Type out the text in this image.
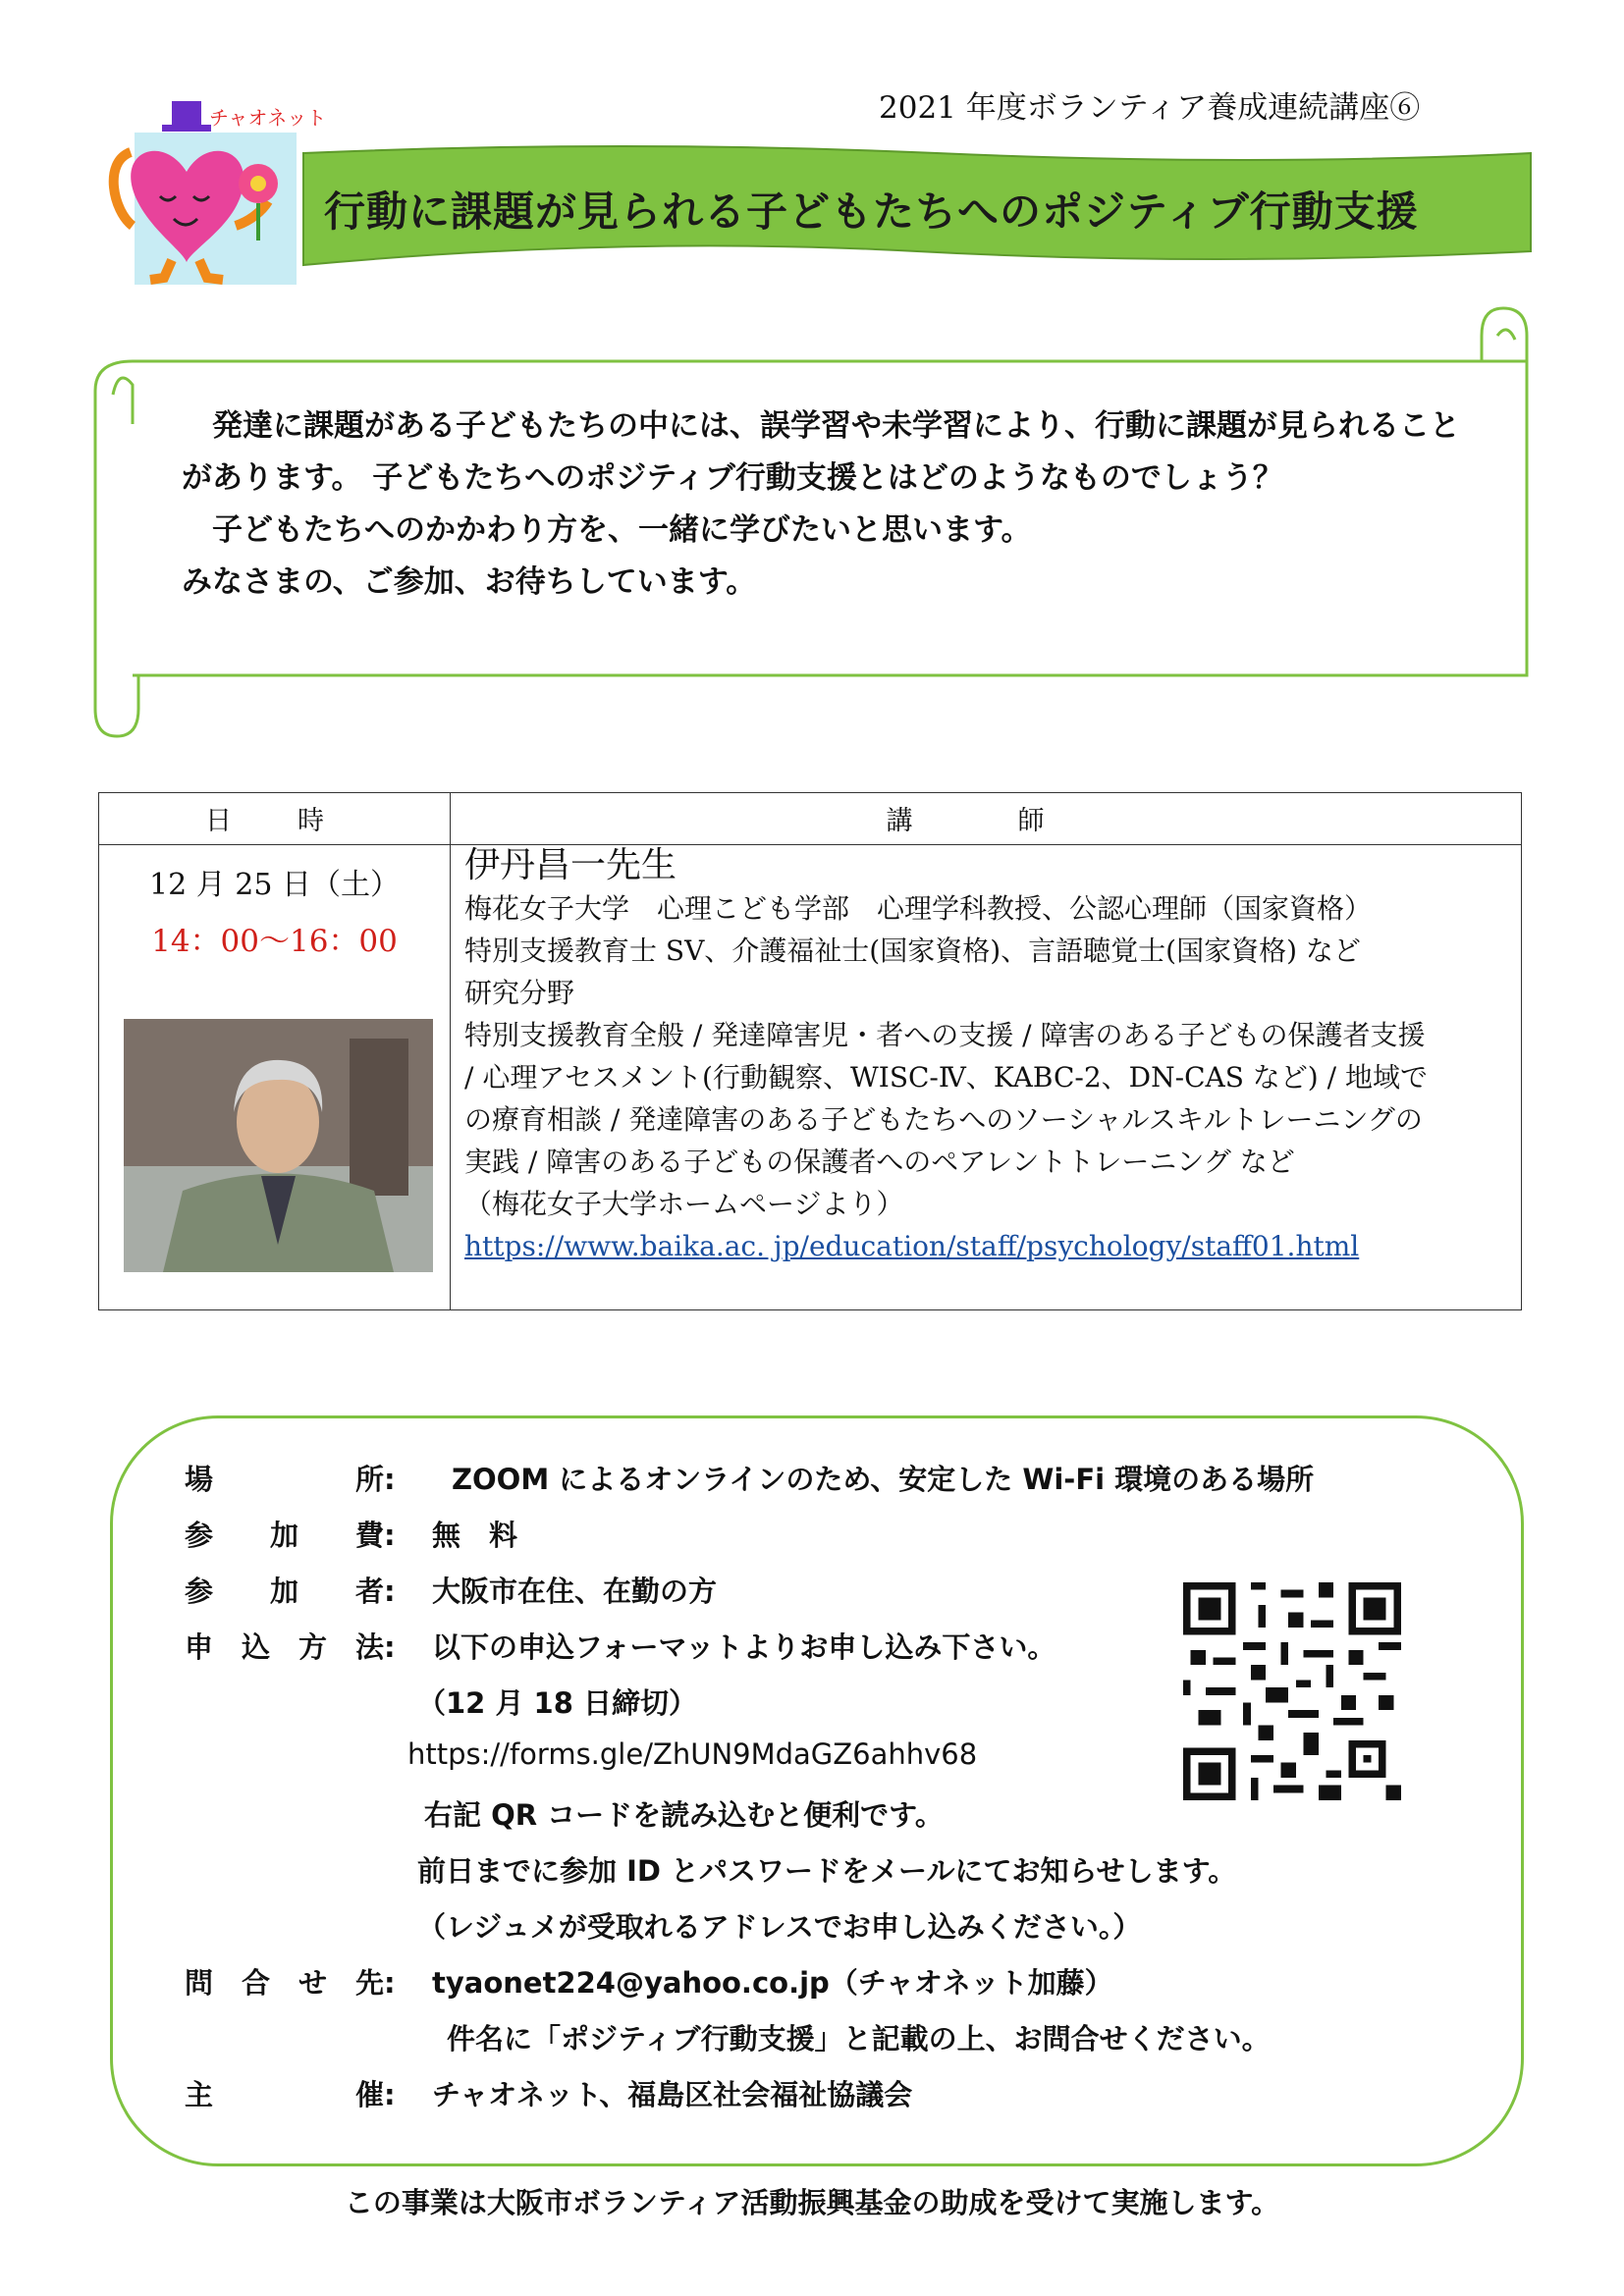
チャオネット	2021 年度ボランティア養成連続講座⑥
行動に課題が見られる子どもたちへのポジティブ行動支援

　発達に課題がある子どもたちの中には、誤学習や未学習により、行動に課題が見られること

があります。 子どもたちへのポジティブ行動支援とはどのようなものでしょう？

　子どもたちへのかかわり方を、一緒に学びたいと思います。

みなさまの、ご参加、お待ちしています。

日　時	講　師
12 月 25 日（土）
14：00～16：00
伊丹昌一先生
梅花女子大学　心理こども学部　心理学科教授、公認心理師（国家資格）
特別支援教育士 SV、介護福祉士(国家資格)、言語聴覚士(国家資格) など
研究分野
特別支援教育全般 / 発達障害児・者への支援 / 障害のある子どもの保護者支援
/ 心理アセスメント(行動観察、WISC-Ⅳ、KABC-2、DN-CAS など) / 地域で
の療育相談 / 発達障害のある子どもたちへのソーシャルスキルトレーニングの
実践 / 障害のある子どもの保護者へのペアレントトレーニング など
（梅花女子大学ホームページより）
https://www.baika.ac. jp/education/staff/psychology/staff01.html
場　　　　　所: ZOOM によるオンラインのため、安定した Wi-Fi 環境のある場所
参　　加　　費: 無　料
参　　加　　者: 大阪市在住、在勤の方
申　込　方　法: 以下の申込フォーマットよりお申し込み下さい。
（12 月 18 日締切）
https://forms.gle/ZhUN9MdaGZ6ahhv68
右記 QR コードを読み込むと便利です。
前日までに参加 ID とパスワードをメールにてお知らせします。
（レジュメが受取れるアドレスでお申し込みください。）
問　合　せ　先: tyaonet224@yahoo.co.jp（チャオネット加藤）
件名に「ポジティブ行動支援」と記載の上、お問合せください。
主　　　　　催: チャオネット、福島区社会福祉協議会
この事業は大阪市ボランティア活動振興基金の助成を受けて実施します。
